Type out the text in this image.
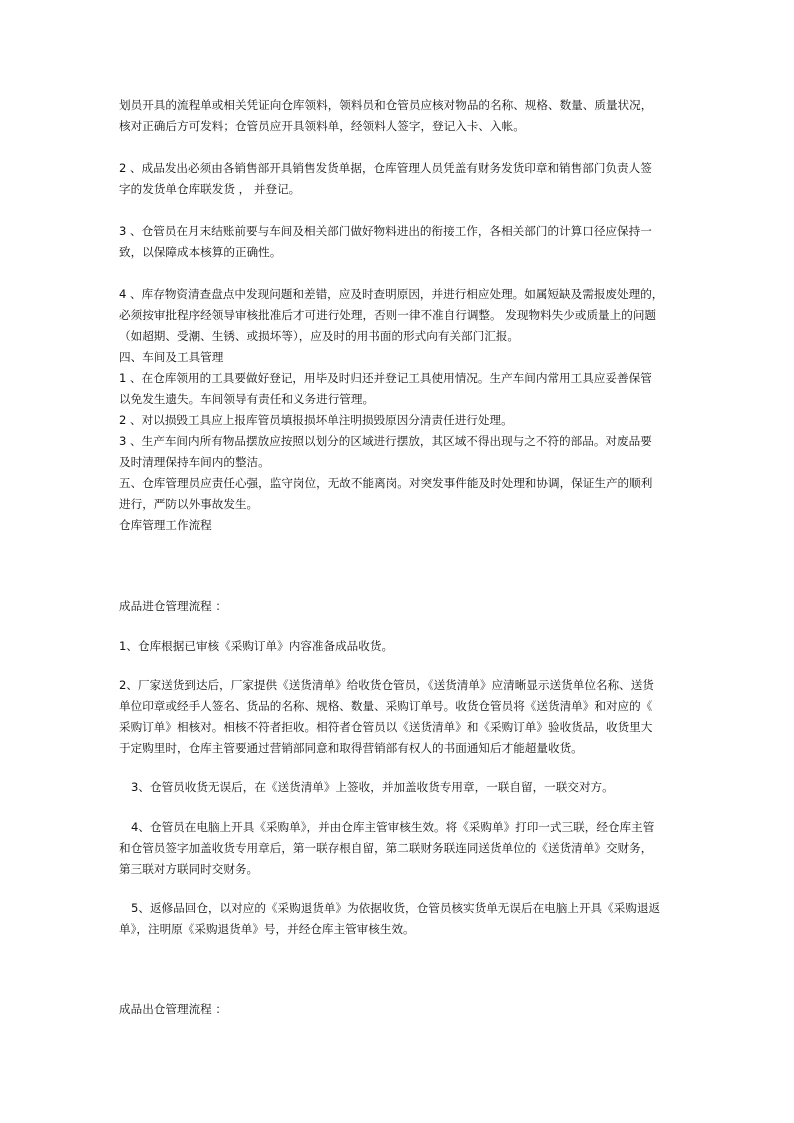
划员开具的流程单或相关凭证向仓库领料，领料员和仓管员应核对物品的名称、规格、数量、质量状况，
核对正确后方可发料；仓管员应开具领料单，经领料人签字，登记入卡、入帐。
2 、成品发出必须由各销售部开具销售发货单据，仓库管理人员凭盖有财务发货印章和销售部门负责人签
字的发货单仓库联发货 ， 并登记。
3 、仓管员在月末结账前要与车间及相关部门做好物料进出的衔接工作，各相关部门的计算口径应保持一
致，以保障成本核算的正确性。
4 、库存物资清查盘点中发现问题和差错，应及时查明原因，并进行相应处理。如属短缺及需报废处理的，
必须按审批程序经领导审核批准后才可进行处理，否则一律不准自行调整。 发现物料失少或质量上的问题
（如超期、受潮、生锈、或损坏等），应及时的用书面的形式向有关部门汇报。
四、车间及工具管理
1 、在仓库领用的工具要做好登记，用毕及时归还并登记工具使用情况。生产车间内常用工具应妥善保管
以免发生遗失。车间领导有责任和义务进行管理。
2 、对以损毁工具应上报库管员填报损坏单注明损毁原因分清责任进行处理。
3 、生产车间内所有物品摆放应按照以划分的区域进行摆放，其区域不得出现与之不符的部品。对废品要
及时清理保持车间内的整洁。
五、仓库管理员应责任心强，监守岗位，无故不能离岗。对突发事件能及时处理和协调，保证生产的顺利
进行，严防以外事故发生。
仓库管理工作流程
成品进仓管理流程 ：
1、仓库根据已审核《采购订单》内容准备成品收货。
2、厂家送货到达后，厂家提供《送货清单》给收货仓管员，《送货清单》应清晰显示送货单位名称、送货
单位印章或经手人签名、货品的名称、规格、数量、采购订单号。收货仓管员将《送货清单》和对应的《
采购订单》相核对。相核不符者拒收。相符者仓管员以《送货清单》和《采购订单》验收货品，收货里大
于定购里时，仓库主管要通过营销部同意和取得营销部有权人的书面通知后才能超量收货。
3、仓管员收货无误后，在《送货清单》上签收，并加盖收货专用章，一联自留，一联交对方。
4、仓管员在电脑上开具《采购单》，并由仓库主管审核生效。将《采购单》打印一式三联，经仓库主管
和仓管员签字加盖收货专用章后，第一联存根自留，第二联财务联连同送货单位的《送货清单》交财务，
第三联对方联同时交财务。
5、返修品回仓，以对应的《采购退货单》为依据收货，仓管员核实货单无误后在电脑上开具《采购退返
单》，注明原《采购退货单》号，并经仓库主管审核生效。
成品出仓管理流程 ：
